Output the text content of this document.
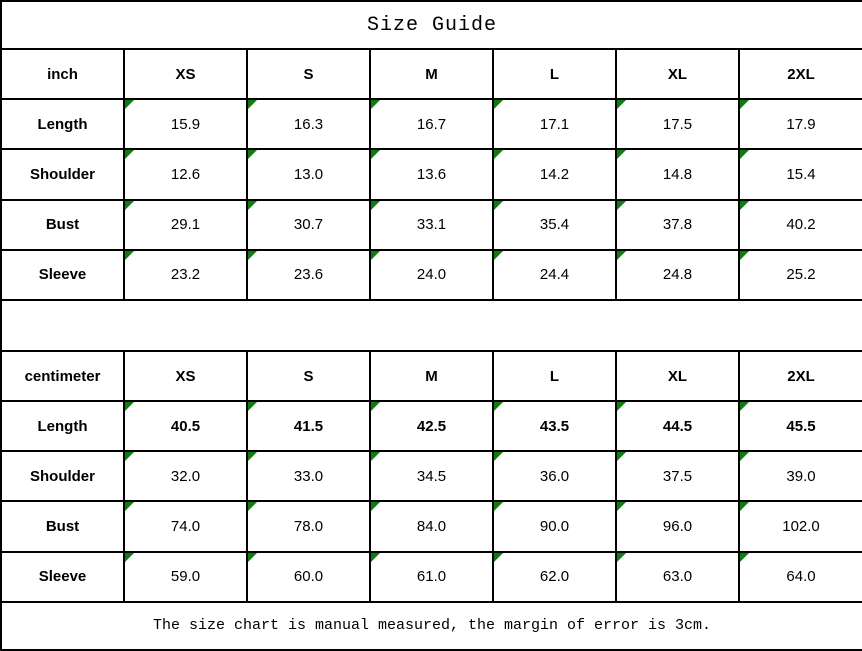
Size Guide						
inch	XS	S	M	L	XL	2XL
Length	15.9	16.3	16.7	17.1	17.5	17.9
Shoulder	12.6	13.0	13.6	14.2	14.8	15.4
Bust	29.1	30.7	33.1	35.4	37.8	40.2
Sleeve	23.2	23.6	24.0	24.4	24.8	25.2

centimeter	XS	S	M	L	XL	2XL
Length	40.5	41.5	42.5	43.5	44.5	45.5
Shoulder	32.0	33.0	34.5	36.0	37.5	39.0
Bust	74.0	78.0	84.0	90.0	96.0	102.0
Sleeve	59.0	60.0	61.0	62.0	63.0	64.0
The size chart is manual measured, the margin of error is 3cm.						
